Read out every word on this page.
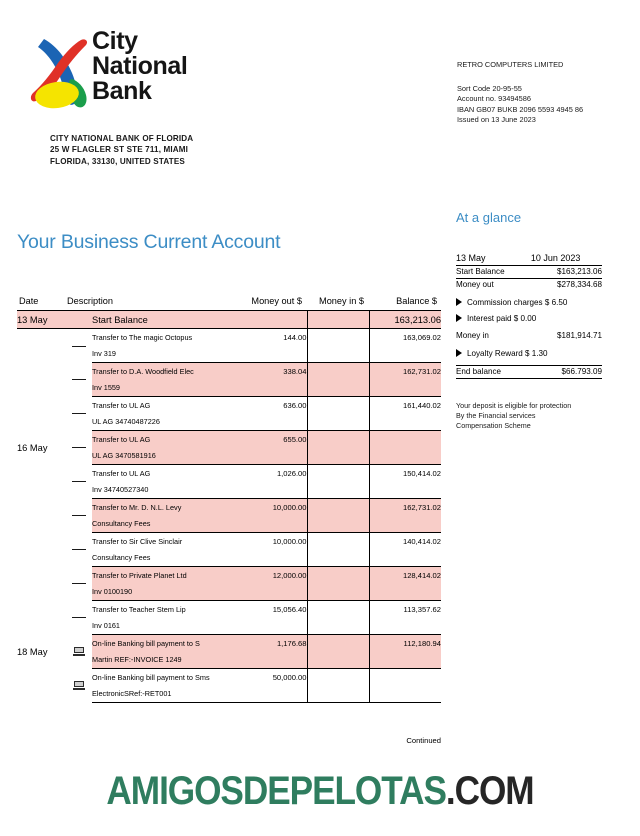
City
National
Bank
CITY NATIONAL BANK OF FLORIDA
25 W FLAGLER ST STE 711, MIAMI
FLORIDA, 33130, UNITED STATES
RETRO COMPUTERS LIMITED
Sort Code 20-95-55
Account no. 93494586
IBAN GB07 BUKB 2096 5593 4945 86
Issued on 13 June 2023
Your Business Current Account
Date	Description		Money out $	Money in $	Balance $
13 May		Start Balance			163,213.06
		Transfer to The magic Octopus	144.00		163,069.02
		Inv 319			
		Transfer to D.A. Woodfield Elec	338.04		162,731.02
		Inv 1559			
		Transfer to UL AG	636.00		161,440.02
		UL AG 34740487226			
16 May		Transfer to UL AG	655.00		
		UL AG 3470581916			
		Transfer to UL AG	1,026.00		150,414.02
		Inv 34740527340			
		Transfer to Mr. D. N.L. Levy	10,000.00		162,731.02
		Consultancy Fees			
		Transfer to Sir Clive Sinclair	10,000.00		140,414.02
		Consultancy Fees			
		Transfer to Private Planet Ltd	12,000.00		128,414.02
		Inv 0100190			
		Transfer to Teacher Stem Lip	15,056.40		113,357.62
		Inv 0161			
18 May		On-line Banking bill payment to S	1,176.68		112,180.94
		Martin REF:-INVOICE 1249			

	On-line Banking bill payment to Sms	50,000.00		
		ElectronicSRef:-RET001			
Continued
At a glance
13 May	10 Jun 2023
Start Balance	$163,213.06
Money out	$278,334.68
Commission charges $ 6.50
Interest paid $ 0.00
Money in	$181,914.71
Loyalty Reward $ 1.30
End balance	$66.793.09
Your deposit is eligible for protection
By the Financial services
Compensation Scheme
AMIGOSDEPELOTAS.COM
